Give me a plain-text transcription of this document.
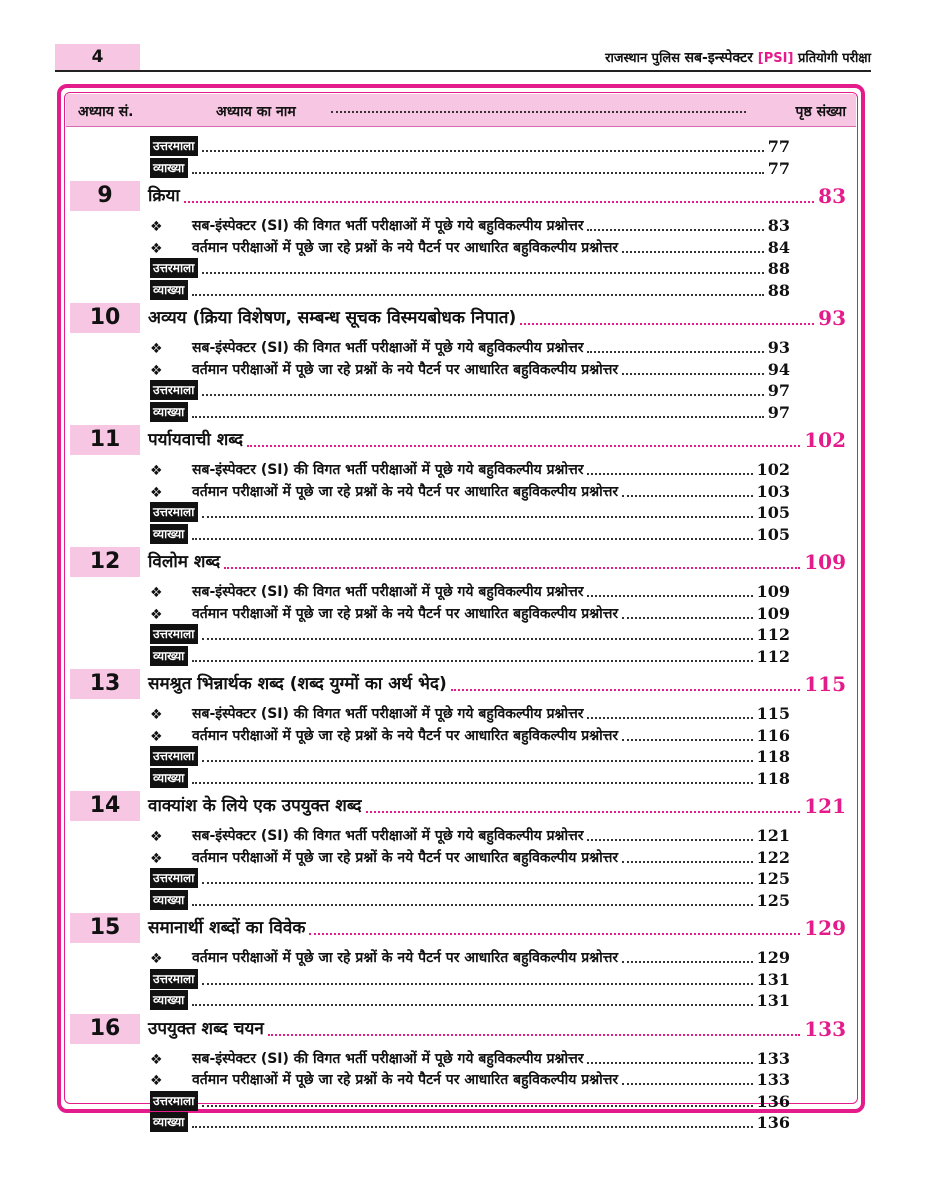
4	राजस्थान पुलिस सब-इन्स्पेक्टर [PSI] प्रतियोगी परीक्षा
अध्याय सं.	अध्याय का नाम	पृष्ठ संख्या
उत्तरमाला	77
व्याख्या	77
9	क्रिया	83
❖	सब-इंस्पेक्टर (SI) की विगत भर्ती परीक्षाओं में पूछे गये बहुविकल्पीय प्रश्नोत्तर	83
❖	वर्तमान परीक्षाओं में पूछे जा रहे प्रश्नों के नये पैटर्न पर आधारित बहुविकल्पीय प्रश्नोत्तर	84
उत्तरमाला	88
व्याख्या	88
10	अव्यय (क्रिया विशेषण, सम्बन्ध सूचक विस्मयबोधक निपात)	93
❖	सब-इंस्पेक्टर (SI) की विगत भर्ती परीक्षाओं में पूछे गये बहुविकल्पीय प्रश्नोत्तर	93
❖	वर्तमान परीक्षाओं में पूछे जा रहे प्रश्नों के नये पैटर्न पर आधारित बहुविकल्पीय प्रश्नोत्तर	94
उत्तरमाला	97
व्याख्या	97
11	पर्यायवाची शब्द	102
❖	सब-इंस्पेक्टर (SI) की विगत भर्ती परीक्षाओं में पूछे गये बहुविकल्पीय प्रश्नोत्तर	102
❖	वर्तमान परीक्षाओं में पूछे जा रहे प्रश्नों के नये पैटर्न पर आधारित बहुविकल्पीय प्रश्नोत्तर	103
उत्तरमाला	105
व्याख्या	105
12	विलोम शब्द	109
❖	सब-इंस्पेक्टर (SI) की विगत भर्ती परीक्षाओं में पूछे गये बहुविकल्पीय प्रश्नोत्तर	109
❖	वर्तमान परीक्षाओं में पूछे जा रहे प्रश्नों के नये पैटर्न पर आधारित बहुविकल्पीय प्रश्नोत्तर	109
उत्तरमाला	112
व्याख्या	112
13	समश्रुत भिन्नार्थक शब्द (शब्द युग्मों का अर्थ भेद)	115
❖	सब-इंस्पेक्टर (SI) की विगत भर्ती परीक्षाओं में पूछे गये बहुविकल्पीय प्रश्नोत्तर	115
❖	वर्तमान परीक्षाओं में पूछे जा रहे प्रश्नों के नये पैटर्न पर आधारित बहुविकल्पीय प्रश्नोत्तर	116
उत्तरमाला	118
व्याख्या	118
14	वाक्यांश के लिये एक उपयुक्त शब्द	121
❖	सब-इंस्पेक्टर (SI) की विगत भर्ती परीक्षाओं में पूछे गये बहुविकल्पीय प्रश्नोत्तर	121
❖	वर्तमान परीक्षाओं में पूछे जा रहे प्रश्नों के नये पैटर्न पर आधारित बहुविकल्पीय प्रश्नोत्तर	122
उत्तरमाला	125
व्याख्या	125
15	समानार्थी शब्दों का विवेक	129
❖	वर्तमान परीक्षाओं में पूछे जा रहे प्रश्नों के नये पैटर्न पर आधारित बहुविकल्पीय प्रश्नोत्तर	129
उत्तरमाला	131
व्याख्या	131
16	उपयुक्त शब्द चयन	133
❖	सब-इंस्पेक्टर (SI) की विगत भर्ती परीक्षाओं में पूछे गये बहुविकल्पीय प्रश्नोत्तर	133
❖	वर्तमान परीक्षाओं में पूछे जा रहे प्रश्नों के नये पैटर्न पर आधारित बहुविकल्पीय प्रश्नोत्तर	133
उत्तरमाला	136
व्याख्या	136
